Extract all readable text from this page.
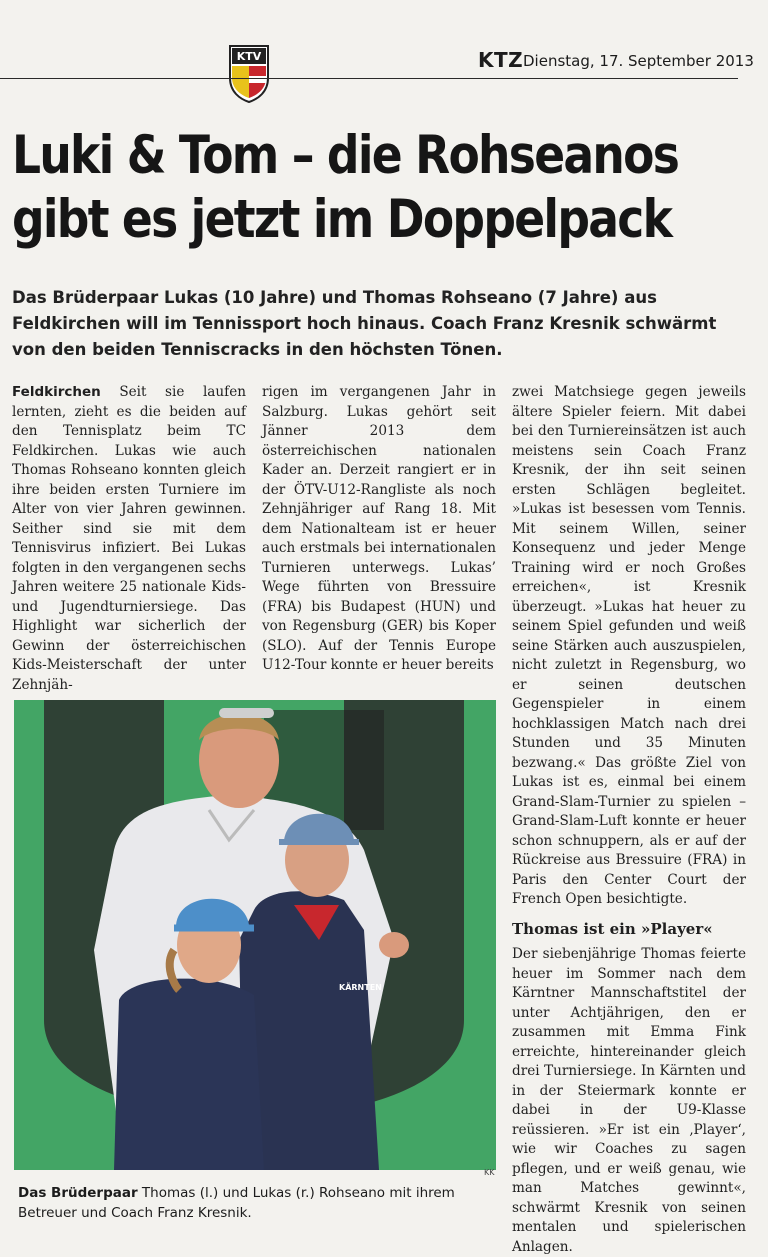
KTV	KTZ Dienstag, 17. September 2013
Luki & Tom – die Rohseanos
gibt es jetzt im Doppelpack
Das Brüderpaar Lukas (10 Jahre) und Thomas Rohseano (7 Jahre) aus Feldkirchen will im Tennissport hoch hinaus. Coach Franz Kresnik schwärmt von den beiden Tenniscracks in den höchsten Tönen.
Feldkirchen Seit sie laufen lernten, zieht es die beiden auf den Tennisplatz beim TC Feldkirchen. Lukas wie auch Thomas Rohseano konnten gleich ihre beiden ersten Turniere im Alter von vier Jahren gewinnen. Seither sind sie mit dem Tennisvirus infiziert. Bei Lukas folgten in den vergangenen sechs Jahren weitere 25 nationale Kids- und Jugendturniersiege. Das Highlight war sicherlich der Gewinn der österreichischen Kids-Meisterschaft der unter Zehnjäh-
rigen im vergangenen Jahr in Salzburg. Lukas gehört seit Jänner 2013 dem österreichischen nationalen Kader an. Derzeit rangiert er in der ÖTV-U12-Rangliste als noch Zehnjähriger auf Rang 18. Mit dem Nationalteam ist er heuer auch erstmals bei internationalen Turnieren unterwegs. Lukas’ Wege führten von Bressuire (FRA) bis Budapest (HUN) und von Regensburg (GER) bis Koper (SLO). Auf der Tennis Europe U12-Tour konnte er heuer bereits
zwei Matchsiege gegen jeweils ältere Spieler feiern. Mit dabei bei den Turniereinsätzen ist auch meistens sein Coach Franz Kresnik, der ihn seit seinen ersten Schlägen begleitet. »Lukas ist besessen vom Tennis. Mit seinem Willen, seiner Konsequenz und jeder Menge Training wird er noch Großes erreichen«, ist Kresnik überzeugt. »Lukas hat heuer zu seinem Spiel gefunden und weiß seine Stärken auch auszuspielen, nicht zuletzt in Regensburg, wo er seinen deutschen Gegenspieler in einem hochklassigen Match nach drei Stunden und 35 Minuten bezwang.« Das größte Ziel von Lukas ist es, einmal bei einem Grand-Slam-Turnier zu spielen – Grand-Slam-Luft konnte er heuer schon schnuppern, als er auf der Rückreise aus Bressuire (FRA) in Paris den Center Court der French Open besichtigte.
Thomas ist ein »Player«
Der siebenjährige Thomas feierte heuer im Sommer nach dem Kärntner Mannschaftstitel der unter Achtjährigen, den er zusammen mit Emma Fink erreichte, hintereinander gleich drei Turniersiege. In Kärnten und in der Steiermark konnte er dabei in der U9-Klasse reüssieren. »Er ist ein ‚Player‘, wie wir Coaches zu sagen pflegen, und er weiß genau, wie man Matches gewinnt«, schwärmt Kresnik von seinen mentalen und spielerischen Anlagen.
KÄRNTEN
KK
Das Brüderpaar Thomas (l.) und Lukas (r.) Rohseano mit ihrem Betreuer und Coach Franz Kresnik.
